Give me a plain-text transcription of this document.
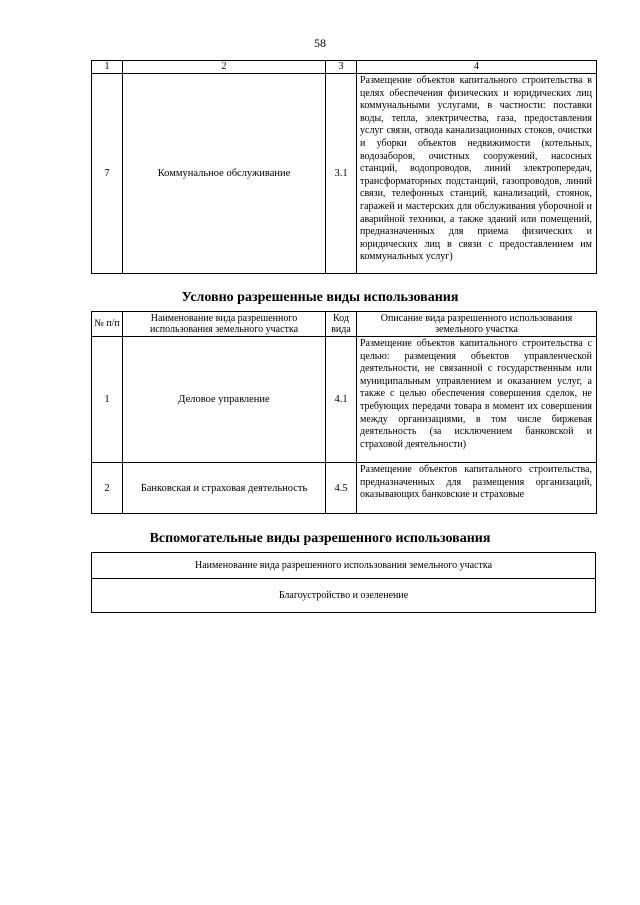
58
1	2	3	4
7	Коммунальное обслуживание	3.1	Размещение объектов капитального строительства в целях обеспечения физических и юридических лиц коммунальными услугами, в частности: поставки воды, тепла, электричества, газа, предоставления услуг связи, отвода канализационных стоков, очистки и уборки объектов недвижимости (котельных, водозаборов, очистных сооружений, насосных станций, водопроводов, линий электропередач, трансформаторных подстанций, газопроводов, линий связи, телефонных станций, канализаций, стоянок, гаражей и мастерских для обслуживания уборочной и аварийной техники, а также зданий или помещений, предназначенных для приема физических и юридических лиц в связи с предоставлением им коммунальных услуг)
Условно разрешенные виды использования
№ п/п	Наименование вида разрешенного использования земельного участка	Код вида	Описание вида разрешенного использования земельного участка
1	Деловое управление	4.1	Размещение объектов капитального строительства с целью: размещения объектов управленческой деятельности, не связанной с государственным или муниципальным управлением и оказанием услуг, а также с целью обеспечения совершения сделок, не требующих передачи товара в момент их совершения между организациями, в том числе биржевая деятельность (за исключением банковской и страховой деятельности)
2	Банковская и страховая деятельность	4.5	Размещение объектов капитального строительства, предназначенных для размещения организаций, оказывающих банковские и страховые
Вспомогательные виды разрешенного использования
Наименование вида разрешенного использования земельного участка
Благоустройство и озеленение
